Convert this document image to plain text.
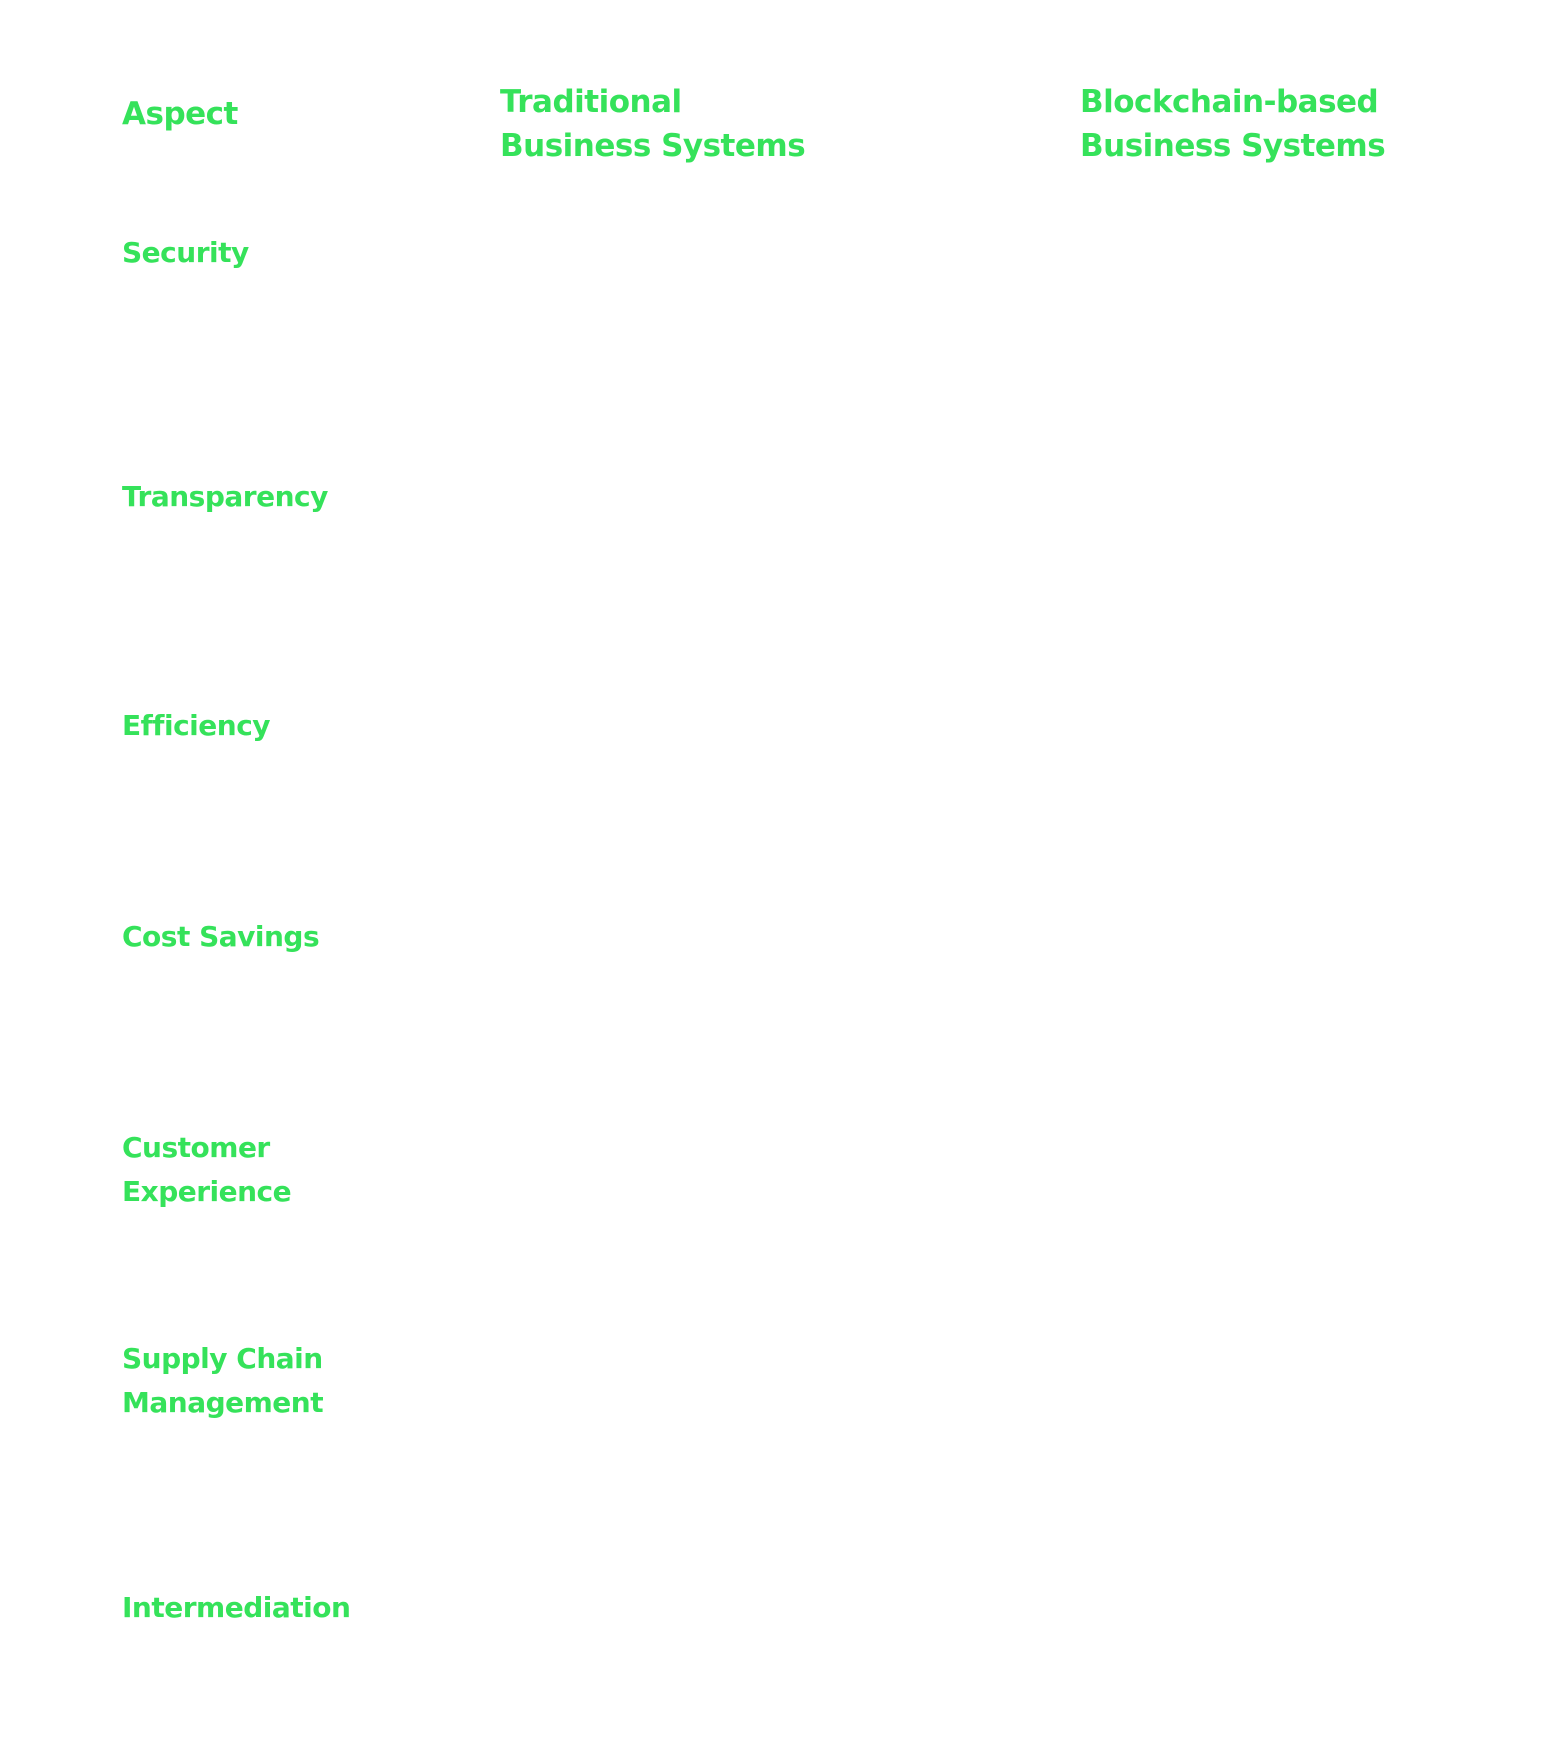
Aspect	Traditional
Business Systems
Blockchain-based
Business Systems
Security
Transparency
Efficiency
Cost Savings
Customer
Experience
Supply Chain
Management
Intermediation
